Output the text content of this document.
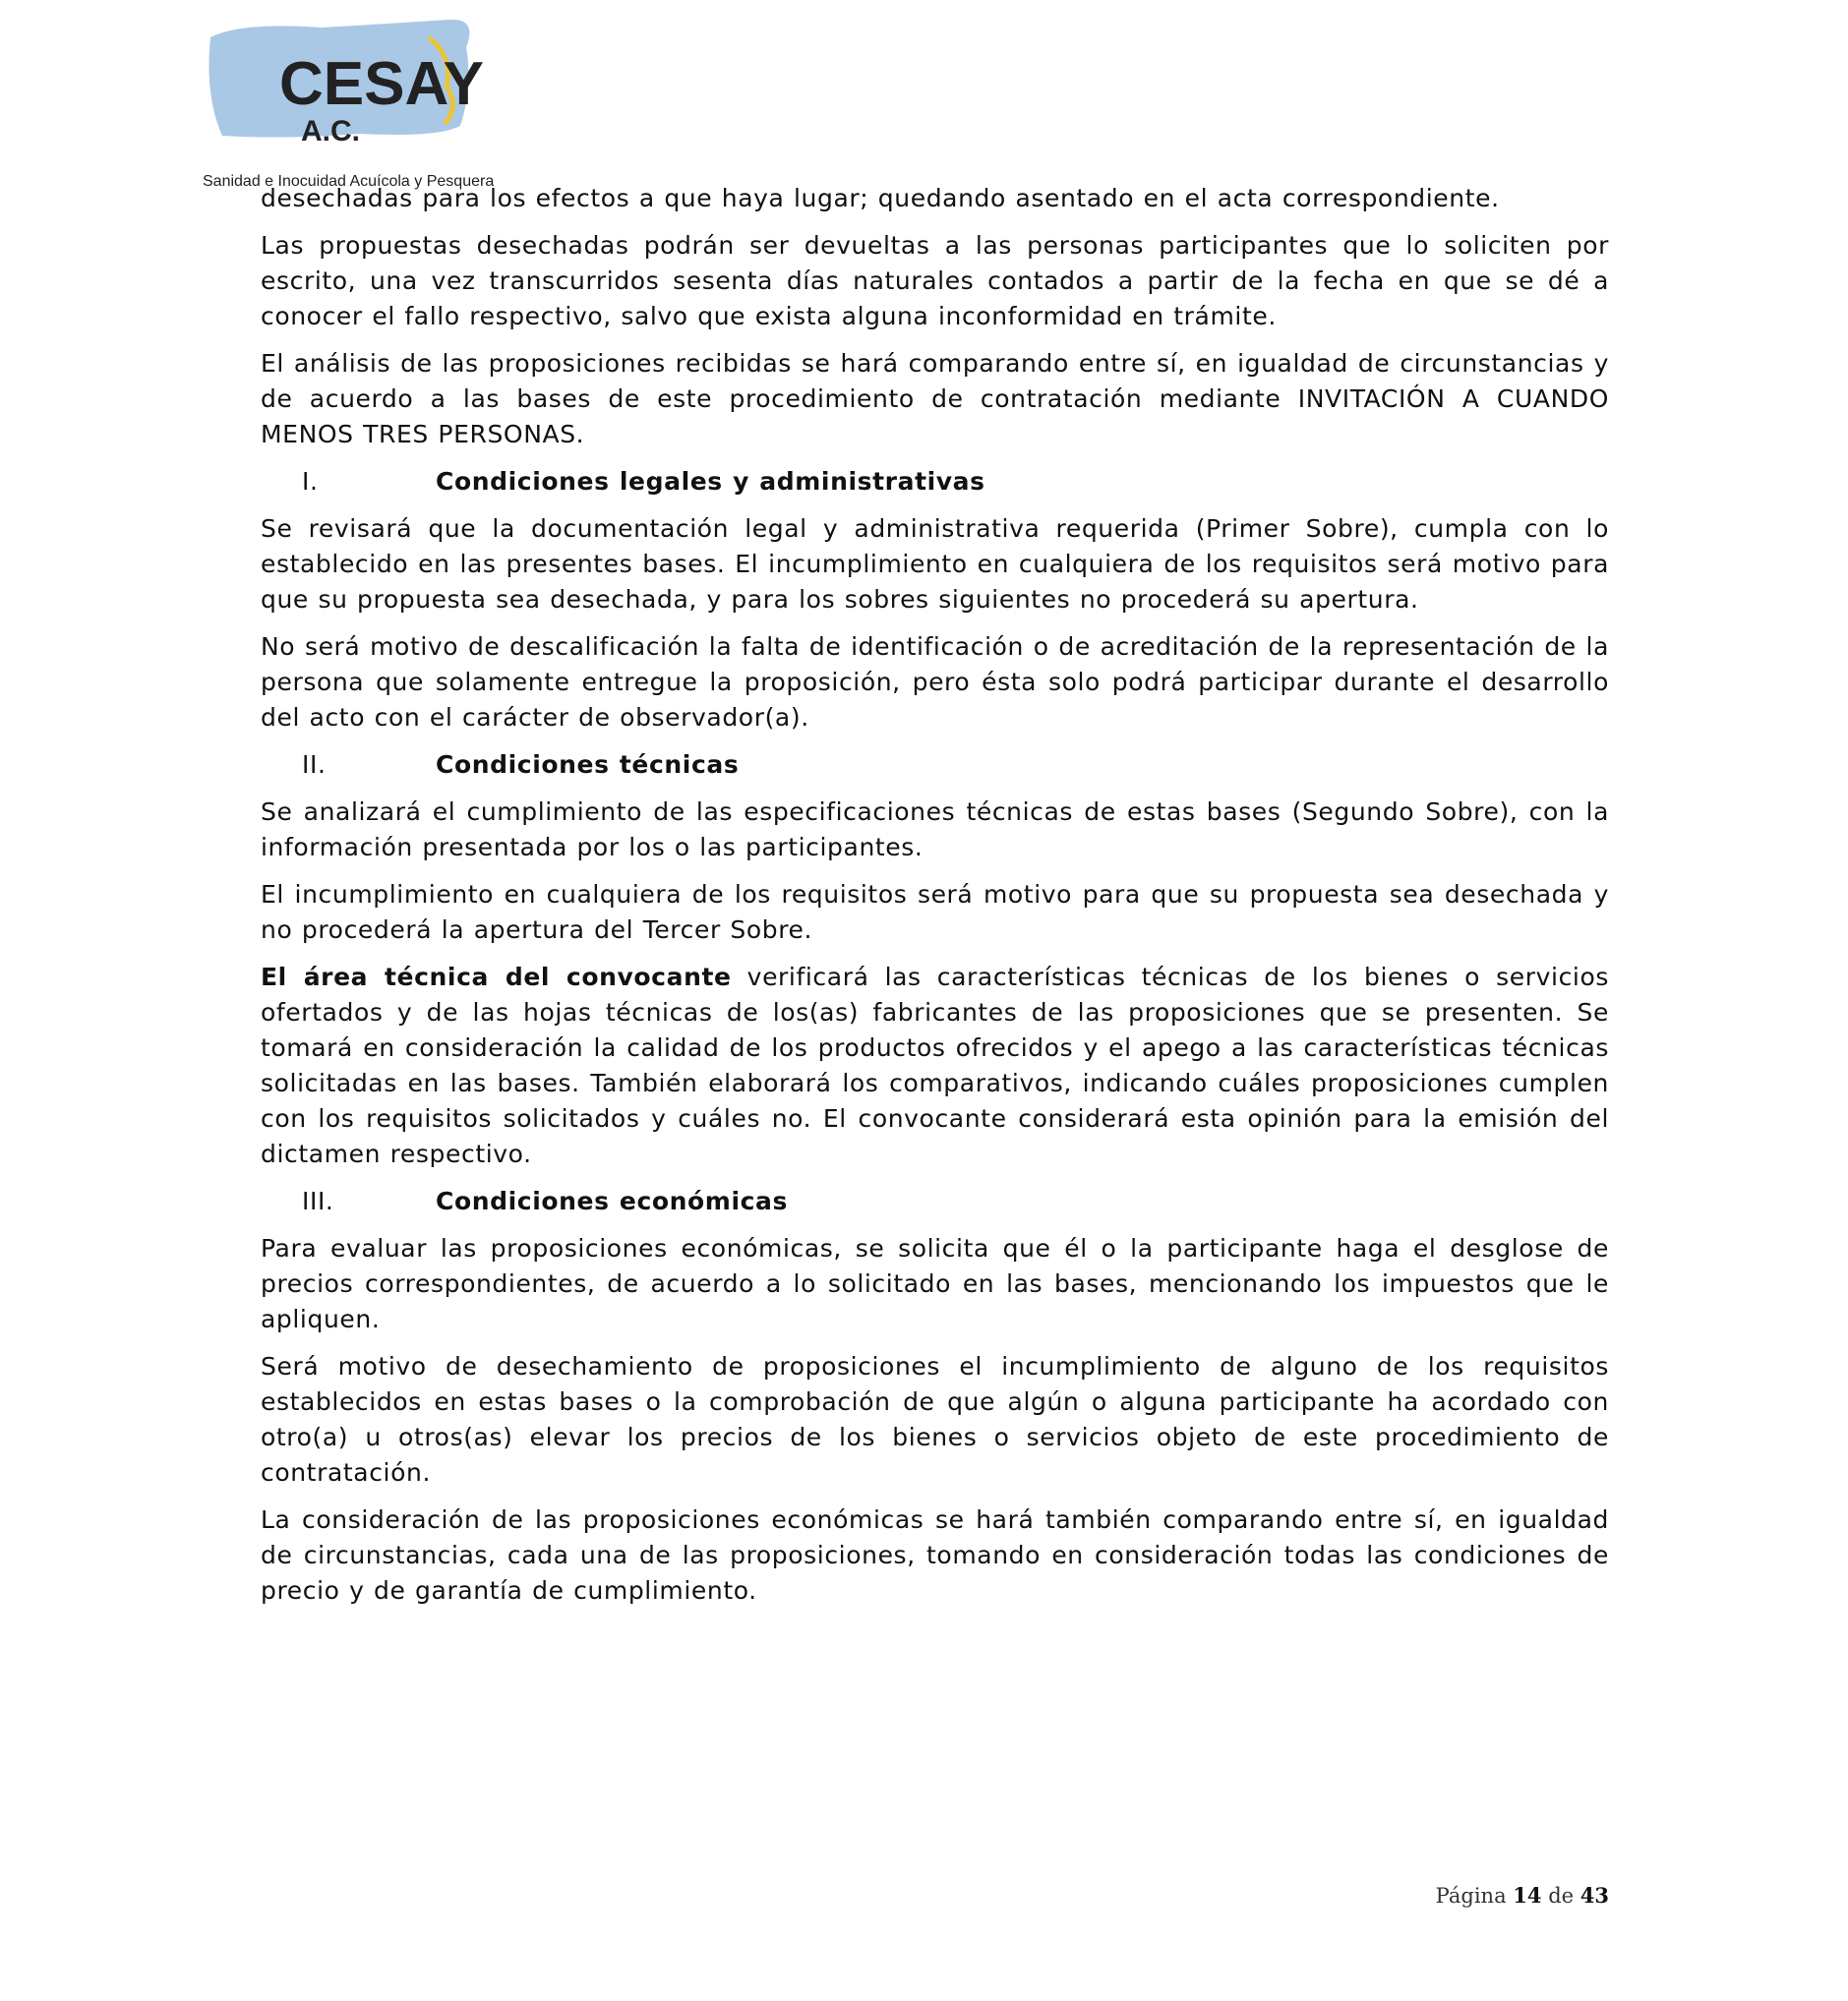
CESAY
A.C.
Sanidad e Inocuidad Acuícola y Pesquera

desechadas para los efectos a que haya lugar; quedando asentado en el acta correspondiente.

Las propuestas desechadas podrán ser devueltas a las personas participantes que lo soliciten por escrito, una vez transcurridos sesenta días naturales contados a partir de la fecha en que se dé a conocer el fallo respectivo, salvo que exista alguna inconformidad en trámite.

El análisis de las proposiciones recibidas se hará comparando entre sí, en igualdad de circunstancias y de acuerdo a las bases de este procedimiento de contratación mediante INVITACIÓN A CUANDO MENOS TRES PERSONAS.

I.	Condiciones legales y administrativas

Se revisará que la documentación legal y administrativa requerida (Primer Sobre), cumpla con lo establecido en las presentes bases. El incumplimiento en cualquiera de los requisitos será motivo para que su propuesta sea desechada, y para los sobres siguientes no procederá su apertura.

No será motivo de descalificación la falta de identificación o de acreditación de la representación de la persona que solamente entregue la proposición, pero ésta solo podrá participar durante el desarrollo del acto con el carácter de observador(a).

II.	Condiciones técnicas

Se analizará el cumplimiento de las especificaciones técnicas de estas bases (Segundo Sobre), con la información presentada por los o las participantes.

El incumplimiento en cualquiera de los requisitos será motivo para que su propuesta sea desechada y no procederá la apertura del Tercer Sobre.

El área técnica del convocante verificará las características técnicas de los bienes o servicios ofertados y de las hojas técnicas de los(as) fabricantes de las proposiciones que se presenten. Se tomará en consideración la calidad de los productos ofrecidos y el apego a las características técnicas solicitadas en las bases. También elaborará los comparativos, indicando cuáles proposiciones cumplen con los requisitos solicitados y cuáles no. El convocante considerará esta opinión para la emisión del dictamen respectivo.

III.	Condiciones económicas

Para evaluar las proposiciones económicas, se solicita que él o la participante haga el desglose de precios correspondientes, de acuerdo a lo solicitado en las bases, mencionando los impuestos que le apliquen.

Será motivo de desechamiento de proposiciones el incumplimiento de alguno de los requisitos establecidos en estas bases o la comprobación de que algún o alguna participante ha acordado con otro(a) u otros(as) elevar los precios de los bienes o servicios objeto de este procedimiento de contratación.

La consideración de las proposiciones económicas se hará también comparando entre sí, en igualdad de circunstancias, cada una de las proposiciones, tomando en consideración todas las condiciones de precio y de garantía de cumplimiento.

Página 14 de 43
